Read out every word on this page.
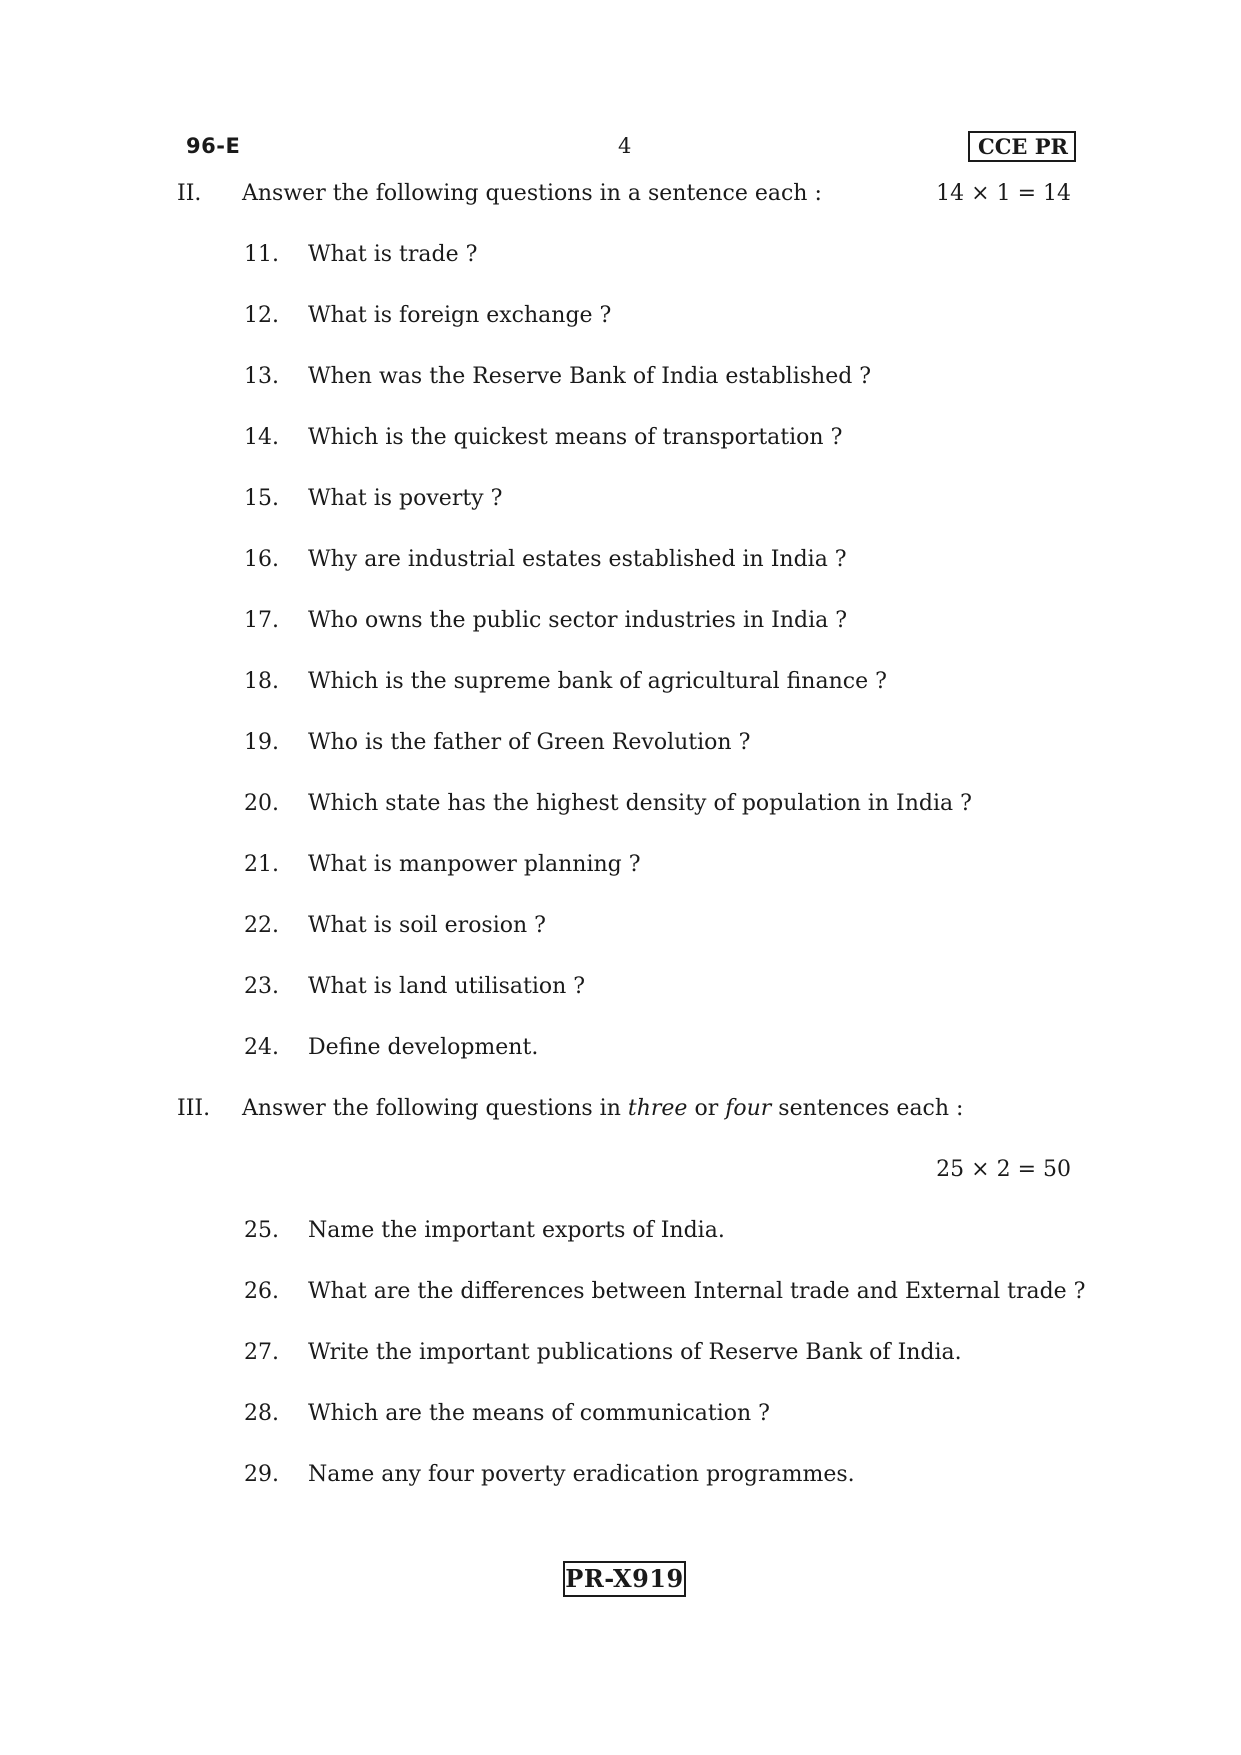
96-E	4	CCE PR
II. Answer the following questions in a sentence each :	14 × 1 = 14
11. What is trade ?
12. What is foreign exchange ?
13. When was the Reserve Bank of India established ?
14. Which is the quickest means of transportation ?
15. What is poverty ?
16. Why are industrial estates established in India ?
17. Who owns the public sector industries in India ?
18. Which is the supreme bank of agricultural finance ?
19. Who is the father of Green Revolution ?
20. Which state has the highest density of population in India ?
21. What is manpower planning ?
22. What is soil erosion ?
23. What is land utilisation ?
24. Define development.
III. Answer the following questions in three or four sentences each :
25 × 2 = 50
25. Name the important exports of India.
26. What are the differences between Internal trade and External trade ?
27. Write the important publications of Reserve Bank of India.
28. Which are the means of communication ?
29. Name any four poverty eradication programmes.
PR-X919
